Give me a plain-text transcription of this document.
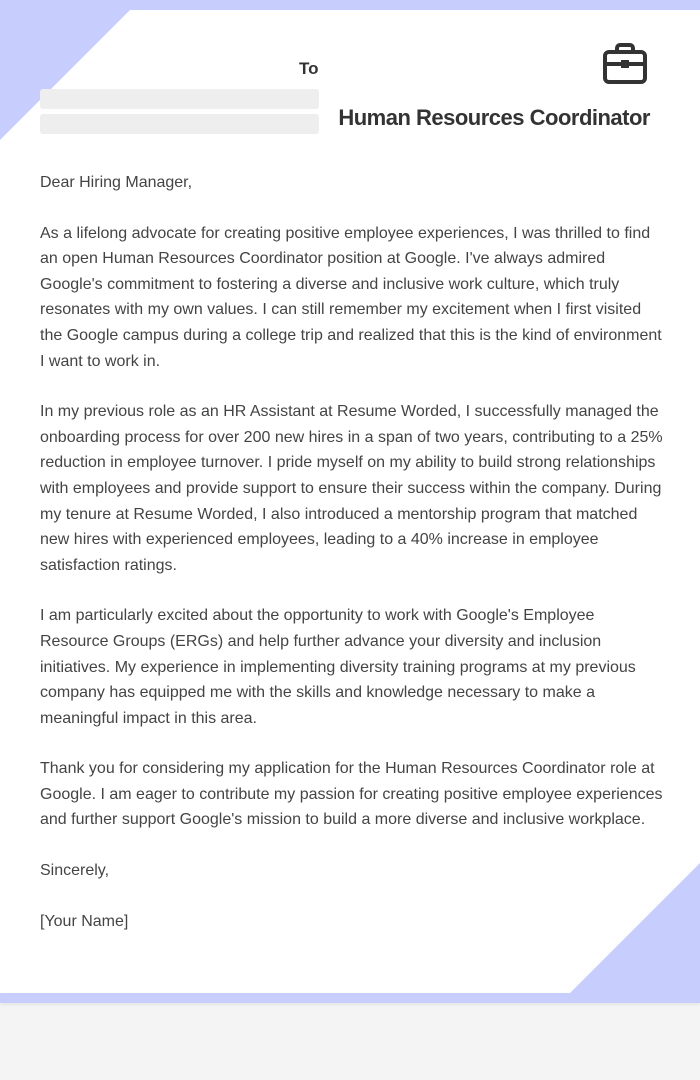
To
Human Resources Coordinator

Dear Hiring Manager,

As a lifelong advocate for creating positive employee experiences, I was thrilled to find an open Human Resources Coordinator position at Google. I've always admired Google's commitment to fostering a diverse and inclusive work culture, which truly resonates with my own values. I can still remember my excitement when I first visited the Google campus during a college trip and realized that this is the kind of environment I want to work in.

In my previous role as an HR Assistant at Resume Worded, I successfully managed the onboarding process for over 200 new hires in a span of two years, contributing to a 25% reduction in employee turnover. I pride myself on my ability to build strong relationships with employees and provide support to ensure their success within the company. During my tenure at Resume Worded, I also introduced a mentorship program that matched new hires with experienced employees, leading to a 40% increase in employee satisfaction ratings.

I am particularly excited about the opportunity to work with Google's Employee Resource Groups (ERGs) and help further advance your diversity and inclusion initiatives. My experience in implementing diversity training programs at my previous company has equipped me with the skills and knowledge necessary to make a meaningful impact in this area.

Thank you for considering my application for the Human Resources Coordinator role at Google. I am eager to contribute my passion for creating positive employee experiences and further support Google's mission to build a more diverse and inclusive workplace.

Sincerely,

[Your Name]
